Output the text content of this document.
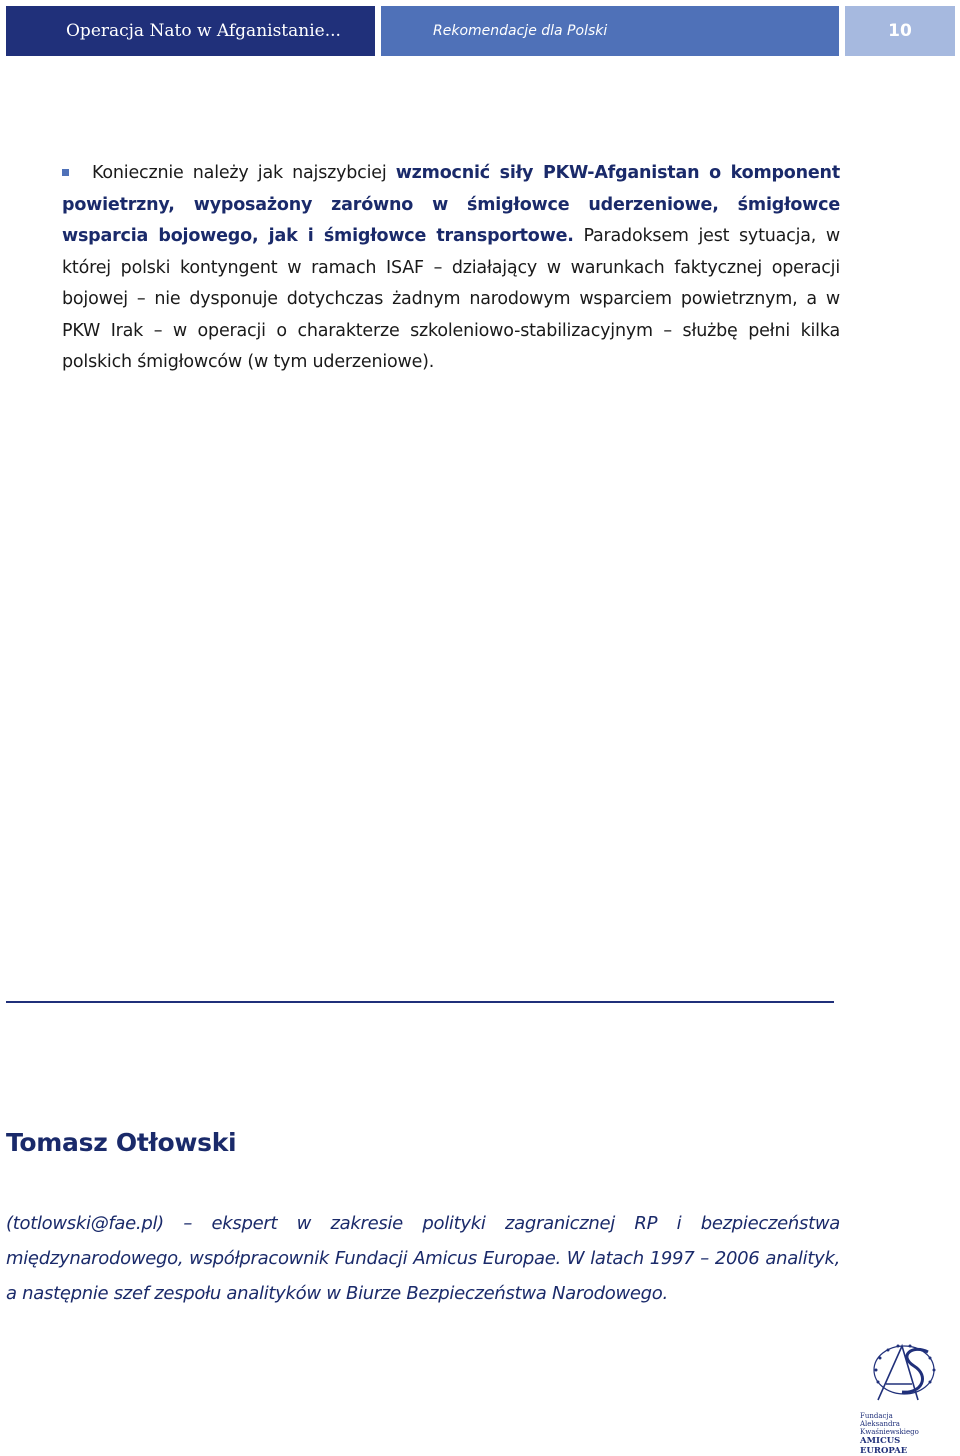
Operacja Nato w Afganistanie...	Rekomendacje dla Polski	10

Koniecznie należy jak najszybciej wzmocnić siły PKW-Afganistan o komponent powietrzny, wyposażony zarówno w śmigłowce uderzeniowe, śmigłowce wsparcia bojowego, jak i śmigłowce transportowe. Paradoksem jest sytuacja, w której polski kontyngent w ramach ISAF – działający w warunkach faktycznej operacji bojowej – nie dysponuje dotychczas żadnym narodowym wsparciem powietrznym, a w PKW Irak – w operacji o charakterze szkoleniowo-stabilizacyjnym – służbę pełni kilka polskich śmigłowców (w tym uderzeniowe).

Tomasz Otłowski

(totlowski@fae.pl) – ekspert w zakresie polityki zagranicznej RP i bezpieczeństwa międzynarodowego, współpracownik Fundacji Amicus Europae. W latach 1997 – 2006 analityk, a następnie szef zespołu analityków w Biurze Bezpieczeństwa Narodowego.

Fundacja
Aleksandra Kwaśniewskiego
AMICUS EUROPAE
